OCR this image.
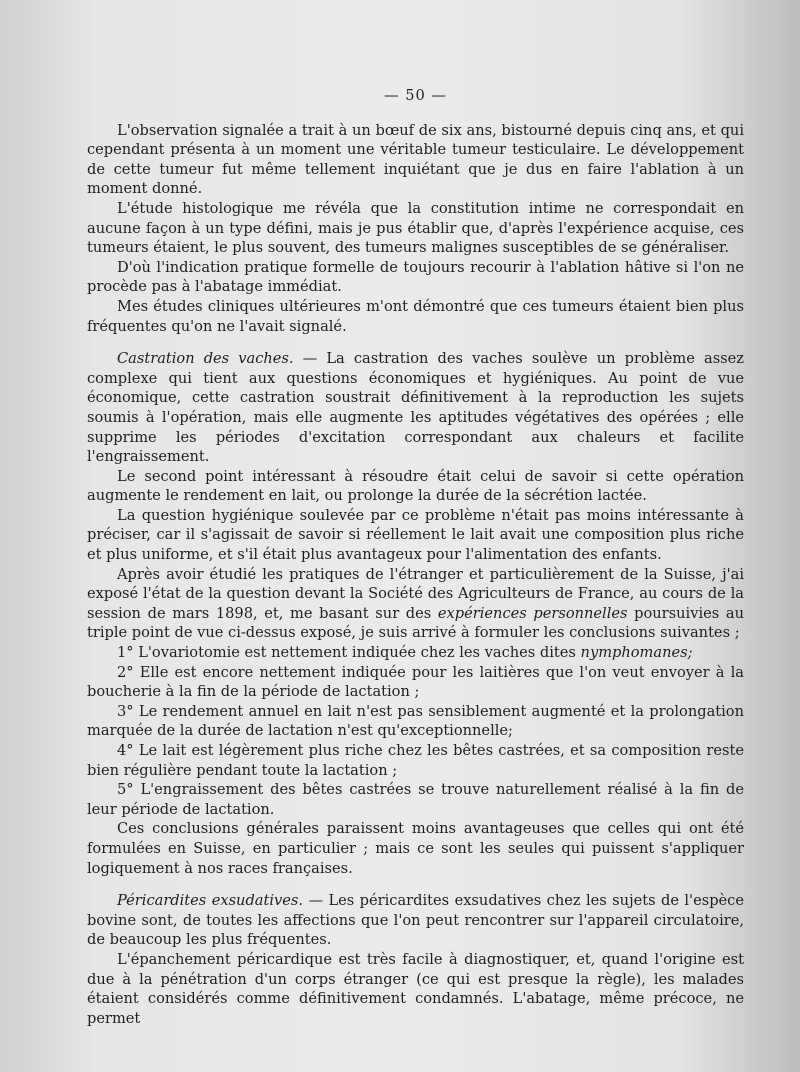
— 50 —

L'observation signalée a trait à un bœuf de six ans, bistourné depuis cinq ans, et qui cependant présenta à un moment une véritable tumeur testiculaire. Le développement de cette tumeur fut même tellement inquiétant que je dus en faire l'ablation à un moment donné.

L'étude histologique me révéla que la constitution intime ne correspondait en aucune façon à un type défini, mais je pus établir que, d'après l'expérience acquise, ces tumeurs étaient, le plus souvent, des tumeurs malignes susceptibles de se généraliser.

D'où l'indication pratique formelle de toujours recourir à l'ablation hâtive si l'on ne procède pas à l'abatage immédiat.

Mes études cliniques ultérieures m'ont démontré que ces tumeurs étaient bien plus fréquentes qu'on ne l'avait signalé.

Castration des vaches. — La castration des vaches soulève un problème assez complexe qui tient aux questions économiques et hygiéniques. Au point de vue économique, cette castration soustrait définitivement à la reproduction les sujets soumis à l'opération, mais elle augmente les aptitudes végétatives des opérées ; elle supprime les périodes d'excitation correspondant aux chaleurs et facilite l'engraissement.

Le second point intéressant à résoudre était celui de savoir si cette opération augmente le rendement en lait, ou prolonge la durée de la sécrétion lactée.

La question hygiénique soulevée par ce problème n'était pas moins intéressante à préciser, car il s'agissait de savoir si réellement le lait avait une composition plus riche et plus uniforme, et s'il était plus avantageux pour l'alimentation des enfants.

Après avoir étudié les pratiques de l'étranger et particulièrement de la Suisse, j'ai exposé l'état de la question devant la Société des Agriculteurs de France, au cours de la session de mars 1898, et, me basant sur des expériences personnelles poursuivies au triple point de vue ci-dessus exposé, je suis arrivé à formuler les conclusions suivantes ;

1° L'ovariotomie est nettement indiquée chez les vaches dites nymphomanes;

2° Elle est encore nettement indiquée pour les laitières que l'on veut envoyer à la boucherie à la fin de la période de lactation ;

3° Le rendement annuel en lait n'est pas sensiblement augmenté et la prolongation marquée de la durée de lactation n'est qu'exceptionnelle;

4° Le lait est légèrement plus riche chez les bêtes castrées, et sa composition reste bien régulière pendant toute la lactation ;

5° L'engraissement des bêtes castrées se trouve naturellement réalisé à la fin de leur période de lactation.

Ces conclusions générales paraissent moins avantageuses que celles qui ont été formulées en Suisse, en particulier ; mais ce sont les seules qui puissent s'appliquer logiquement à nos races françaises.

Péricardites exsudatives. — Les péricardites exsudatives chez les sujets de l'espèce bovine sont, de toutes les affections que l'on peut rencontrer sur l'appareil circulatoire, de beaucoup les plus fréquentes.

L'épanchement péricardique est très facile à diagnostiquer, et, quand l'origine est due à la pénétration d'un corps étranger (ce qui est presque la règle), les malades étaient considérés comme définitivement condamnés. L'abatage, même précoce, ne permet
